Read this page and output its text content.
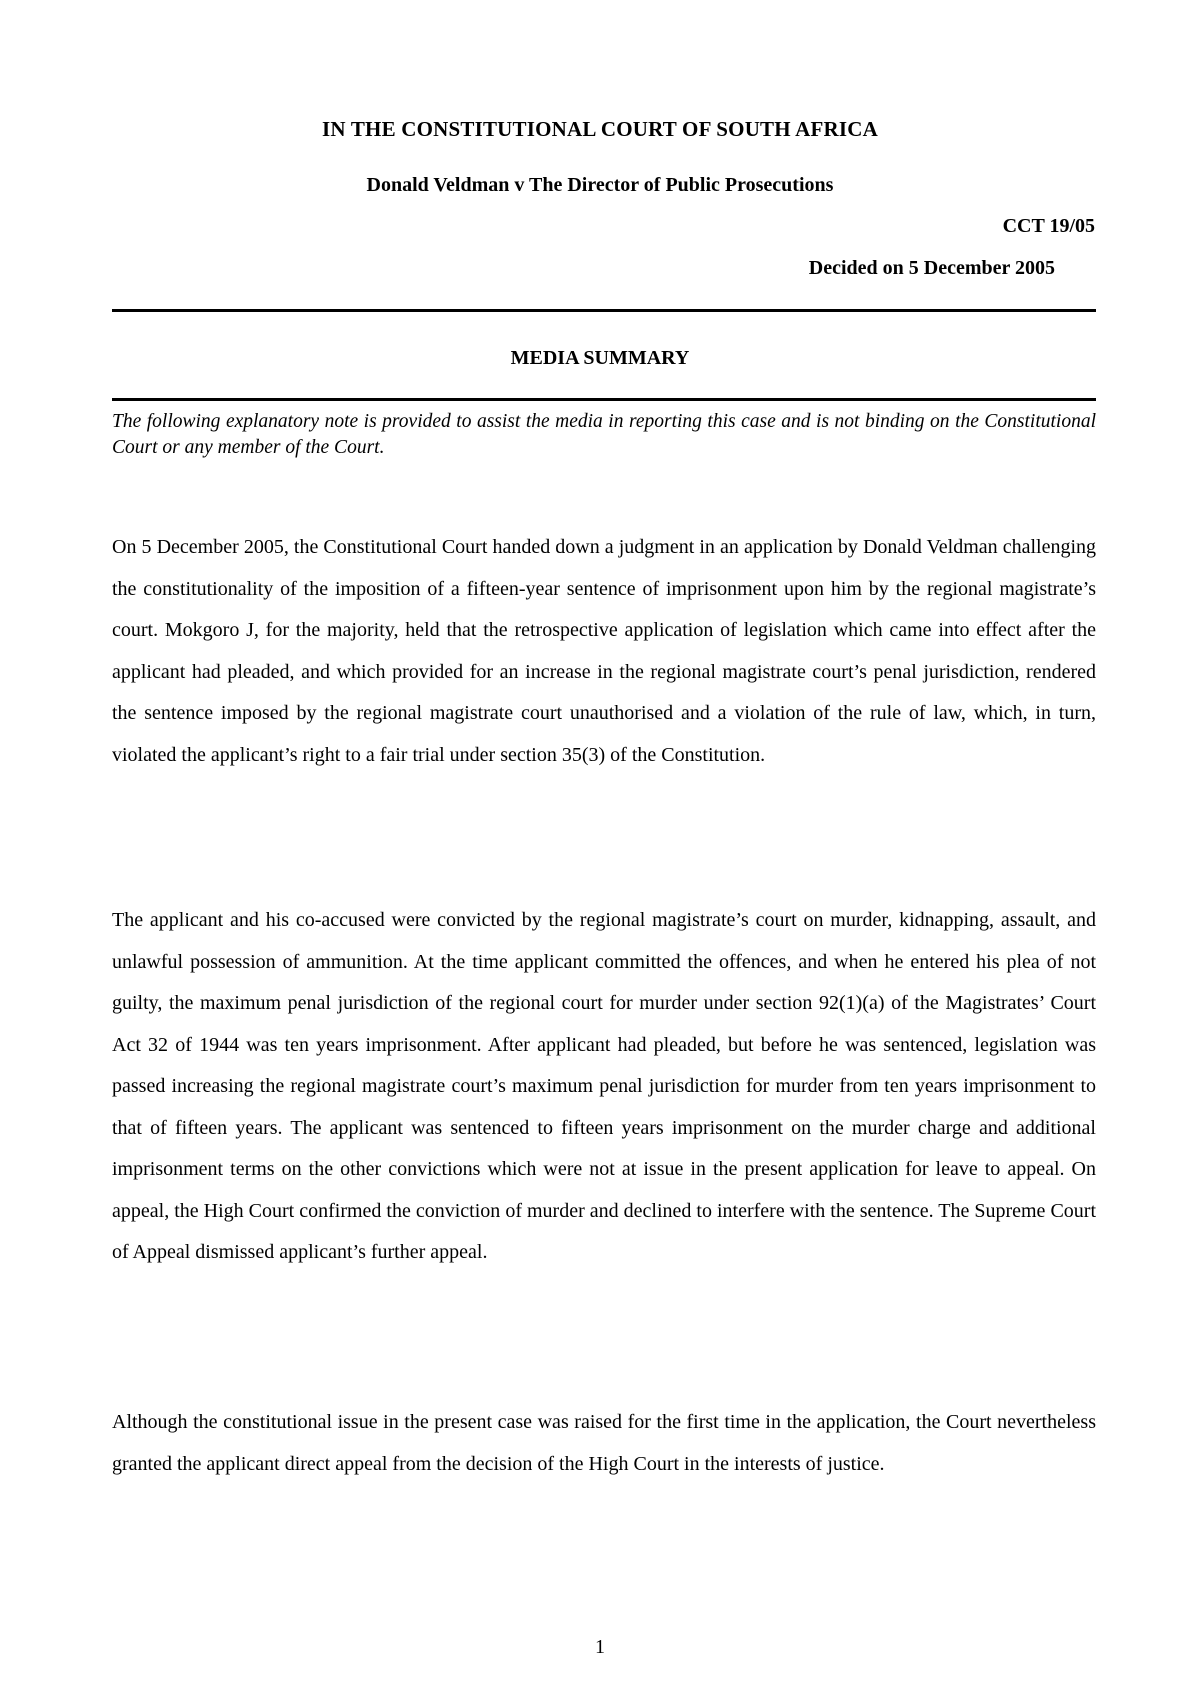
IN THE CONSTITUTIONAL COURT OF SOUTH AFRICA
Donald Veldman v The Director of Public Prosecutions
CCT 19/05
Decided on 5 December 2005
MEDIA SUMMARY

The following explanatory note is provided to assist the media in reporting this case and is not binding on the Constitutional Court or any member of the Court.

On 5 December 2005, the Constitutional Court handed down a judgment in an application by Donald Veldman challenging the constitutionality of the imposition of a fifteen-year sentence of imprisonment upon him by the regional magistrate’s court. Mokgoro J, for the majority, held that the retrospective application of legislation which came into effect after the applicant had pleaded, and which provided for an increase in the regional magistrate court’s penal jurisdiction, rendered the sentence imposed by the regional magistrate court unauthorised and a violation of the rule of law, which, in turn, violated the applicant’s right to a fair trial under section 35(3) of the Constitution.

The applicant and his co-accused were convicted by the regional magistrate’s court on murder, kidnapping, assault, and unlawful possession of ammunition. At the time applicant committed the offences, and when he entered his plea of not guilty, the maximum penal jurisdiction of the regional court for murder under section 92(1)(a) of the Magistrates’ Court Act 32 of 1944 was ten years imprisonment. After applicant had pleaded, but before he was sentenced, legislation was passed increasing the regional magistrate court’s maximum penal jurisdiction for murder from ten years imprisonment to that of fifteen years. The applicant was sentenced to fifteen years imprisonment on the murder charge and additional imprisonment terms on the other convictions which were not at issue in the present application for leave to appeal. On appeal, the High Court confirmed the conviction of murder and declined to interfere with the sentence. The Supreme Court of Appeal dismissed applicant’s further appeal.

Although the constitutional issue in the present case was raised for the first time in the application, the Court nevertheless granted the applicant direct appeal from the decision of the High Court in the interests of justice.

1
